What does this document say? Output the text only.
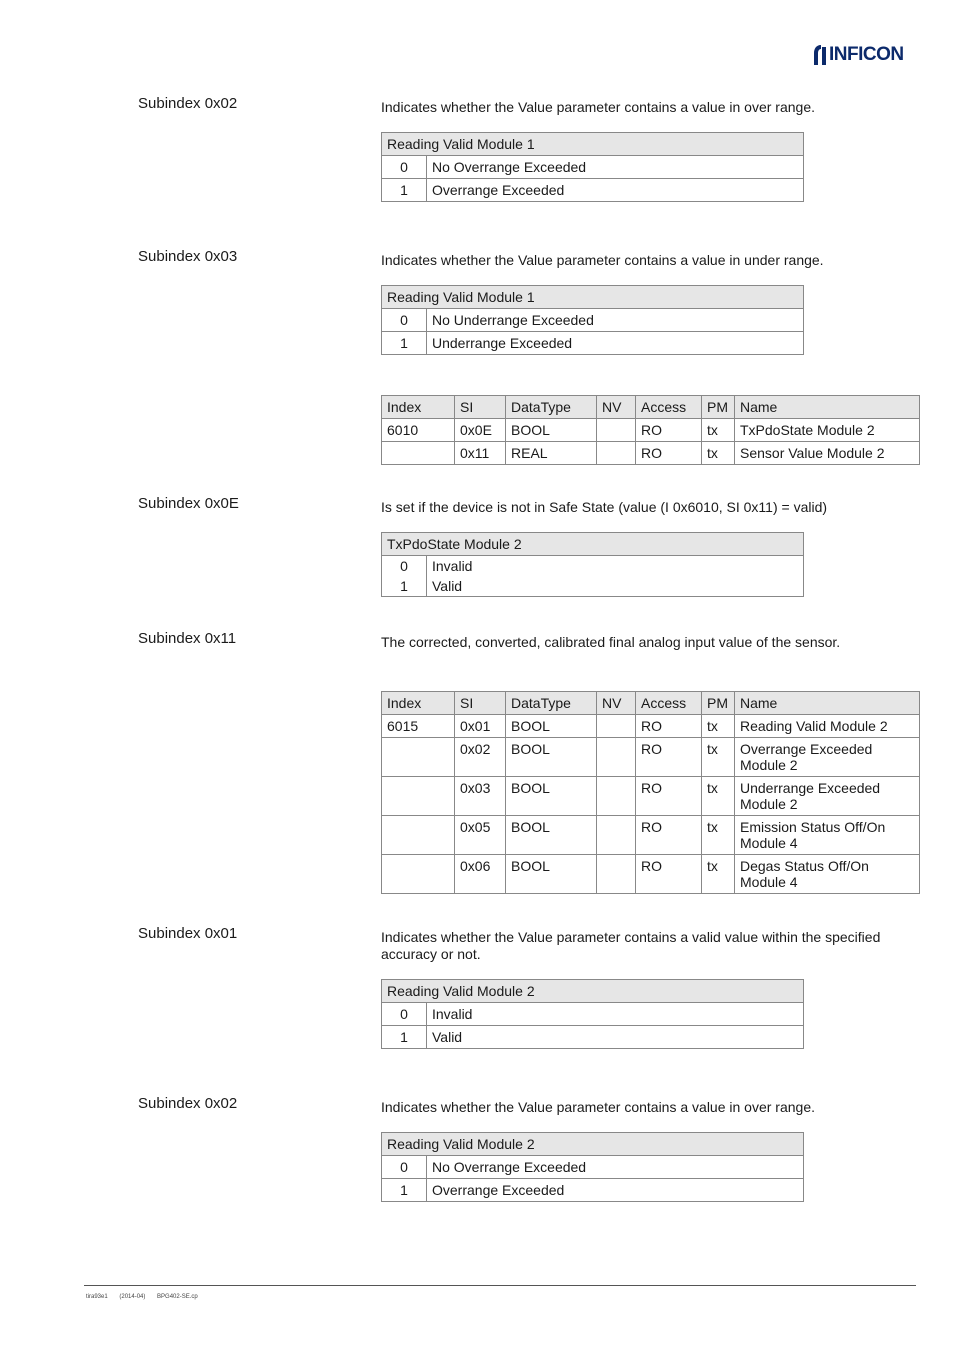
INFICON
Subindex 0x02	Indicates whether the Value parameter contains a value in over range.
Reading Valid Module 1	
0	No Overrange Exceeded
1	Overrange Exceeded
Subindex 0x03	Indicates whether the Value parameter contains a value in under range.
Reading Valid Module 1	
0	No Underrange Exceeded
1	Underrange Exceeded
Index	SI	DataType	NV	Access	PM	Name
6010	0x0E	BOOL		RO	tx	TxPdoState Module 2
	0x11	REAL		RO	tx	Sensor Value Module 2
Subindex 0x0E	Is set if the device is not in Safe State (value (I 0x6010, SI 0x11) = valid)
TxPdoState Module 2	
0	Invalid
1	Valid
Subindex 0x11	The corrected, converted, calibrated final analog input value of the sensor.
Index	SI	DataType	NV	Access	PM	Name
6015	0x01	BOOL		RO	tx	Reading Valid Module 2
	0x02	BOOL		RO	tx	Overrange Exceeded Module 2
	0x03	BOOL		RO	tx	Underrange Exceeded Module 2
	0x05	BOOL		RO	tx	Emission Status Off/On Module 4
	0x06	BOOL		RO	tx	Degas Status Off/On Module 4
Subindex 0x01	Indicates whether the Value parameter contains a valid value within the specified accuracy or not.
Reading Valid Module 2	
0	Invalid
1	Valid
Subindex 0x02	Indicates whether the Value parameter contains a value in over range.
Reading Valid Module 2	
0	No Overrange Exceeded
1	Overrange Exceeded
tira93e1 (2014-04) BPG402-SE.cp
